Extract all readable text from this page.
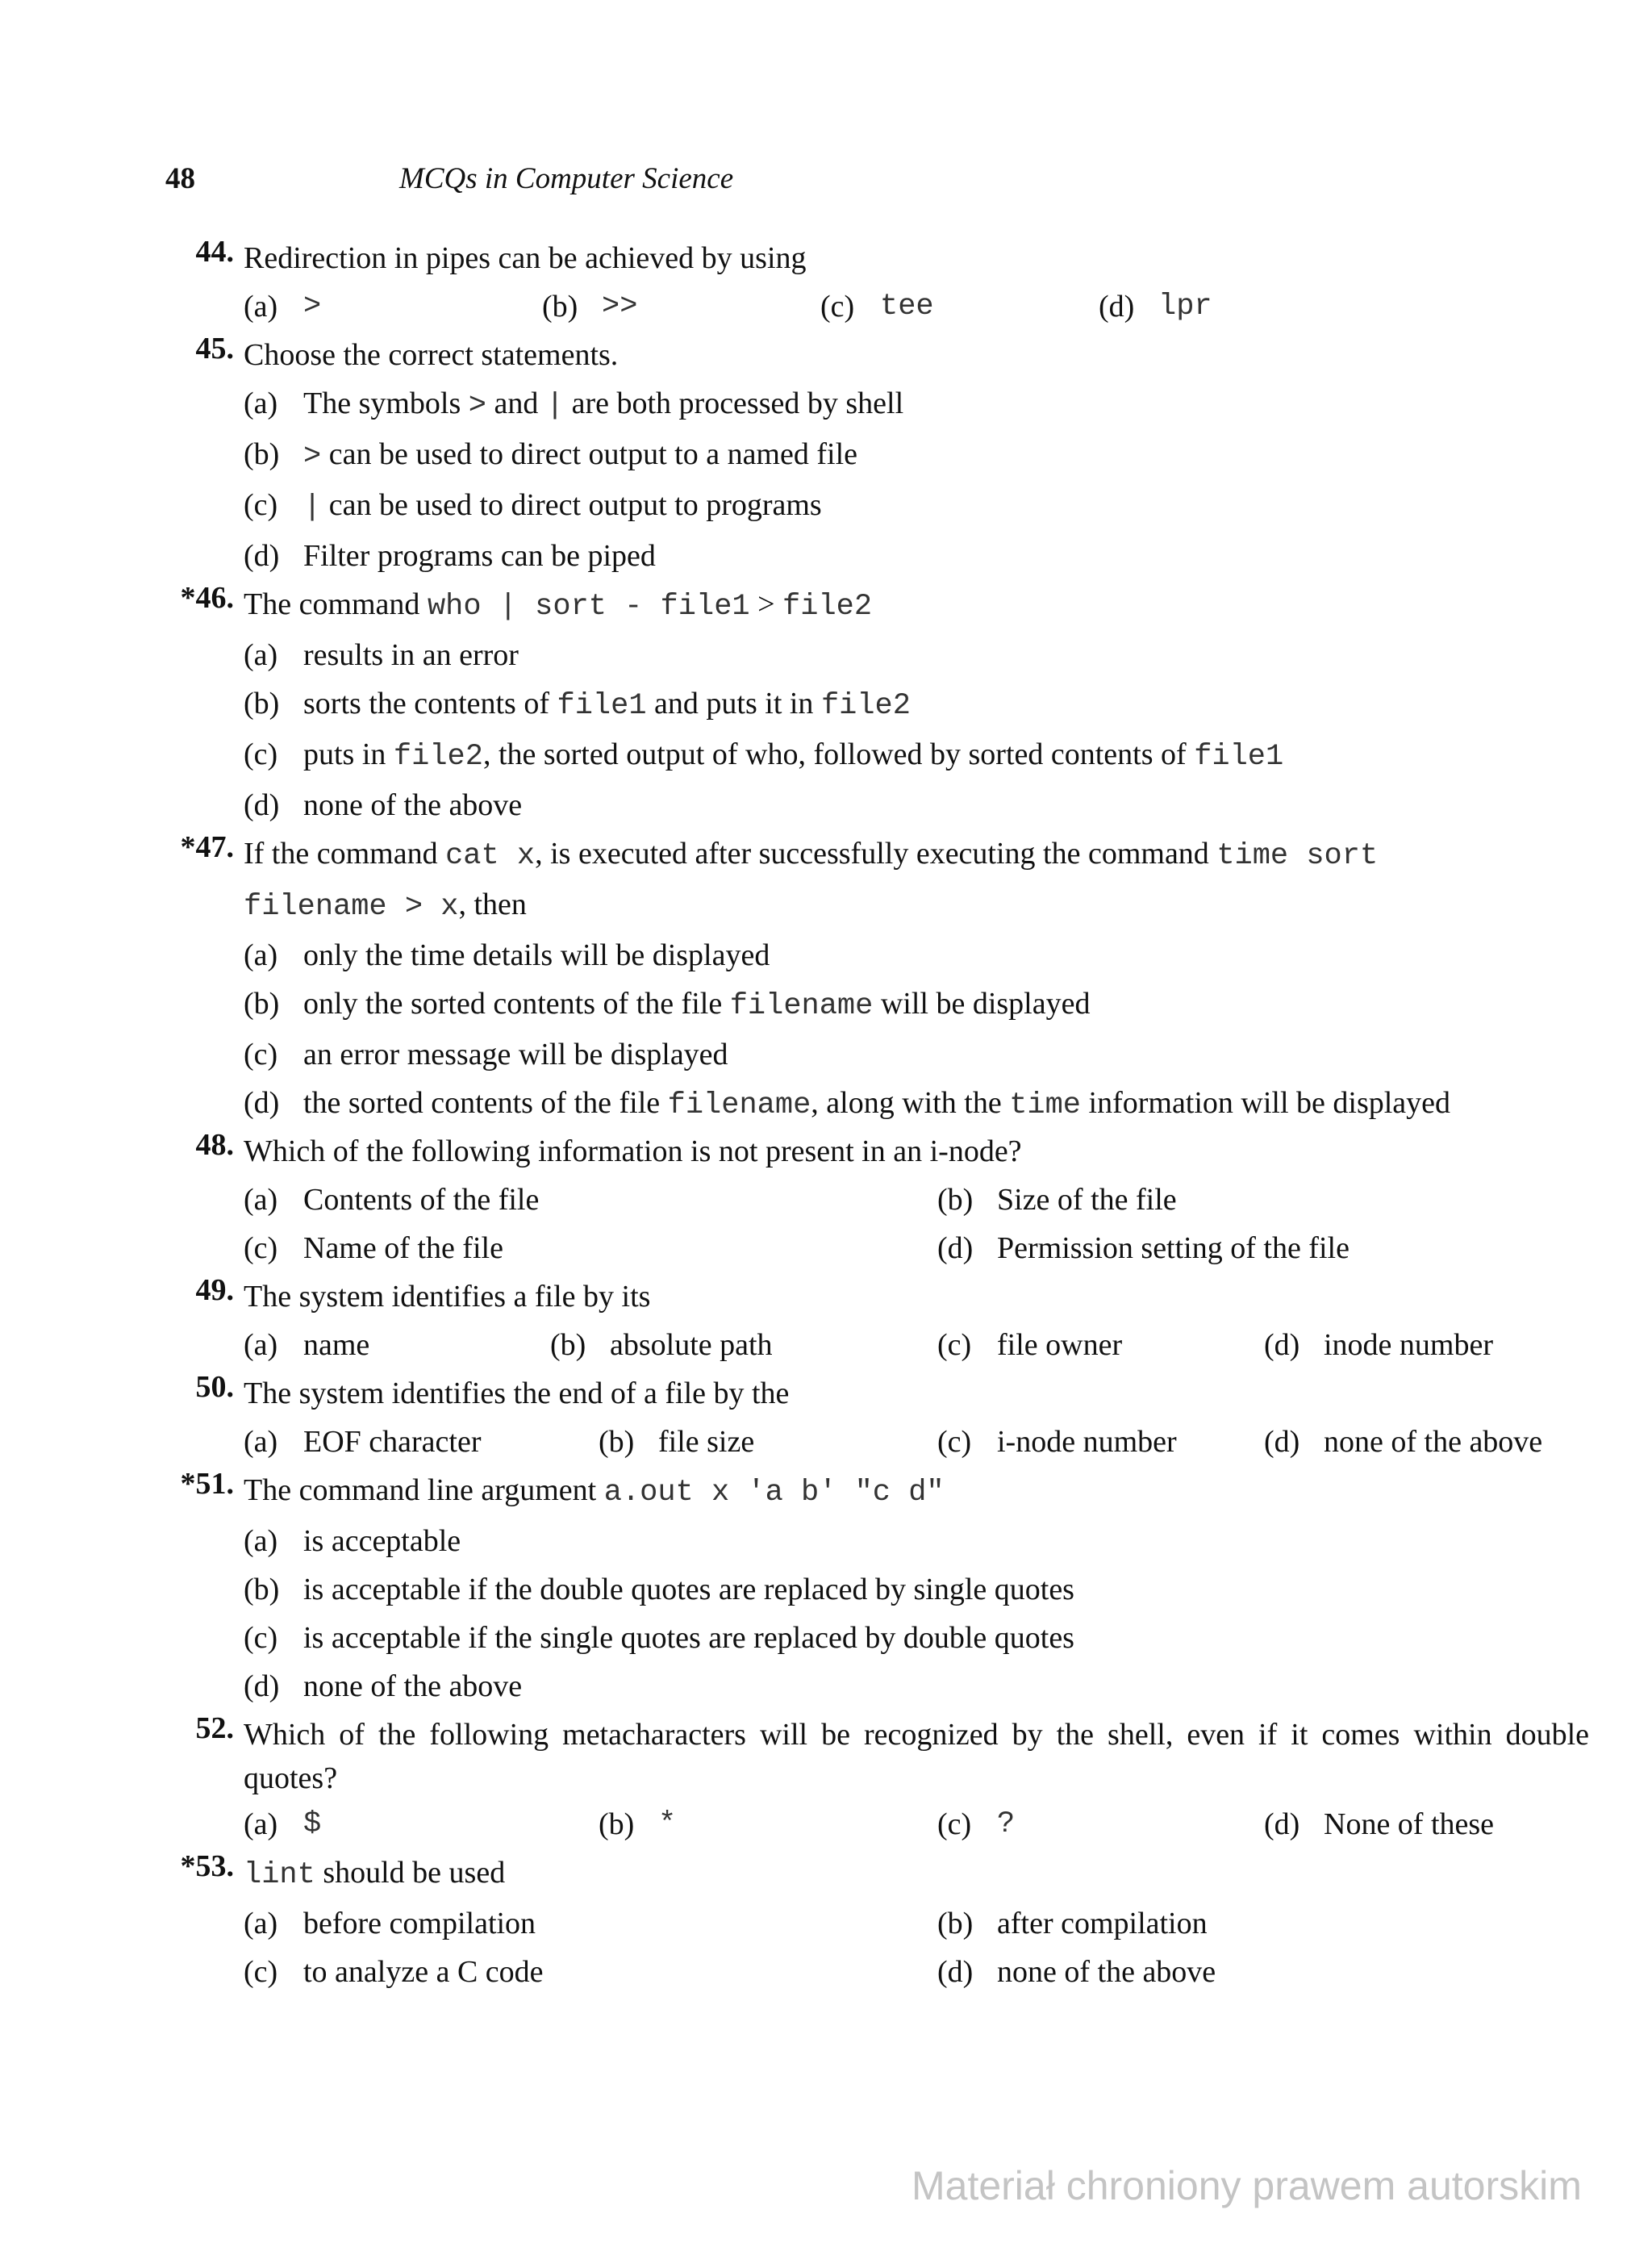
48	MCQs in Computer Science
44. Redirection in pipes can be achieved by using
(a) >	(b) >>	(c) tee	(d) lpr
45. Choose the correct statements.
(a) The symbols > and | are both processed by shell
(b) > can be used to direct output to a named file
(c) | can be used to direct output to programs
(d) Filter programs can be piped
*46. The command who | sort - file1 > file2
(a) results in an error
(b) sorts the contents of file1 and puts it in file2
(c) puts in file2, the sorted output of who, followed by sorted contents of file1
(d) none of the above
*47. If the command cat x, is executed after successfully executing the command time sort
filename > x, then
(a) only the time details will be displayed
(b) only the sorted contents of the file filename will be displayed
(c) an error message will be displayed
(d) the sorted contents of the file filename, along with the time information will be displayed
48. Which of the following information is not present in an i-node?
(a) Contents of the file	(b) Size of the file
(c) Name of the file	(d) Permission setting of the file
49. The system identifies a file by its
(a) name	(b) absolute path	(c) file owner	(d) inode number
50. The system identifies the end of a file by the
(a) EOF character	(b) file size	(c) i-node number	(d) none of the above
*51. The command line argument a.out x 'a b' "c d"
(a) is acceptable
(b) is acceptable if the double quotes are replaced by single quotes
(c) is acceptable if the single quotes are replaced by double quotes
(d) none of the above
52. Which of the following metacharacters will be recognized by the shell, even if it comes within double quotes?
(a) $	(b) *	(c) ?	(d) None of these
*53. lint should be used
(a) before compilation	(b) after compilation
(c) to analyze a C code	(d) none of the above
Materiał chroniony prawem autorskim
